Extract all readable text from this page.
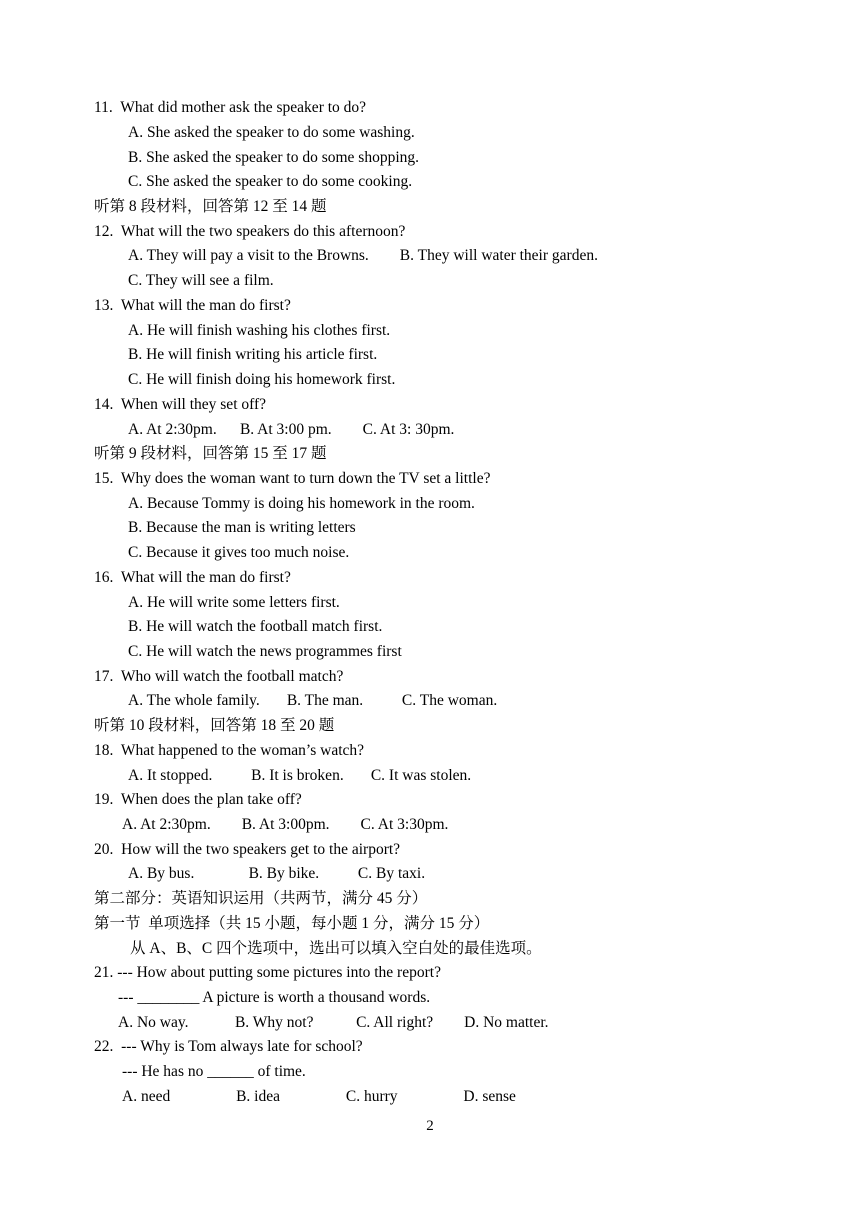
11.  What did mother ask the speaker to do?
A. She asked the speaker to do some washing.
B. She asked the speaker to do some shopping.
C. She asked the speaker to do some cooking.
听第 8 段材料，回答第 12 至 14 题
12.  What will the two speakers do this afternoon?
A. They will pay a visit to the Browns.        B. They will water their garden.
C. They will see a film.
13.  What will the man do first?
A. He will finish washing his clothes first.
B. He will finish writing his article first.
C. He will finish doing his homework first.
14.  When will they set off?
A. At 2:30pm.      B. At 3:00 pm.        C. At 3: 30pm.
听第 9 段材料，回答第 15 至 17 题
15.  Why does the woman want to turn down the TV set a little?
A. Because Tommy is doing his homework in the room.
B. Because the man is writing letters
C. Because it gives too much noise.
16.  What will the man do first?
A. He will write some letters first.
B. He will watch the football match first.
C. He will watch the news programmes first
17.  Who will watch the football match?
A. The whole family.       B. The man.          C. The woman.
听第 10 段材料，回答第 18 至 20 题
18.  What happened to the woman’s watch?
A. It stopped.          B. It is broken.       C. It was stolen.
19.  When does the plan take off?
A. At 2:30pm.        B. At 3:00pm.        C. At 3:30pm.
20.  How will the two speakers get to the airport?
A. By bus.              B. By bike.          C. By taxi.
第二部分：英语知识运用（共两节，满分 45 分）
第一节  单项选择（共 15 小题，每小题 1 分，满分 15 分）
从 A、B、C 四个选项中，选出可以填入空白处的最佳选项。
21. --- How about putting some pictures into the report?
--- ________ A picture is worth a thousand words.
A. No way.            B. Why not?           C. All right?        D. No matter.
22.  --- Why is Tom always late for school?
--- He has no ______ of time.
A. need                 B. idea                 C. hurry                 D. sense
2
